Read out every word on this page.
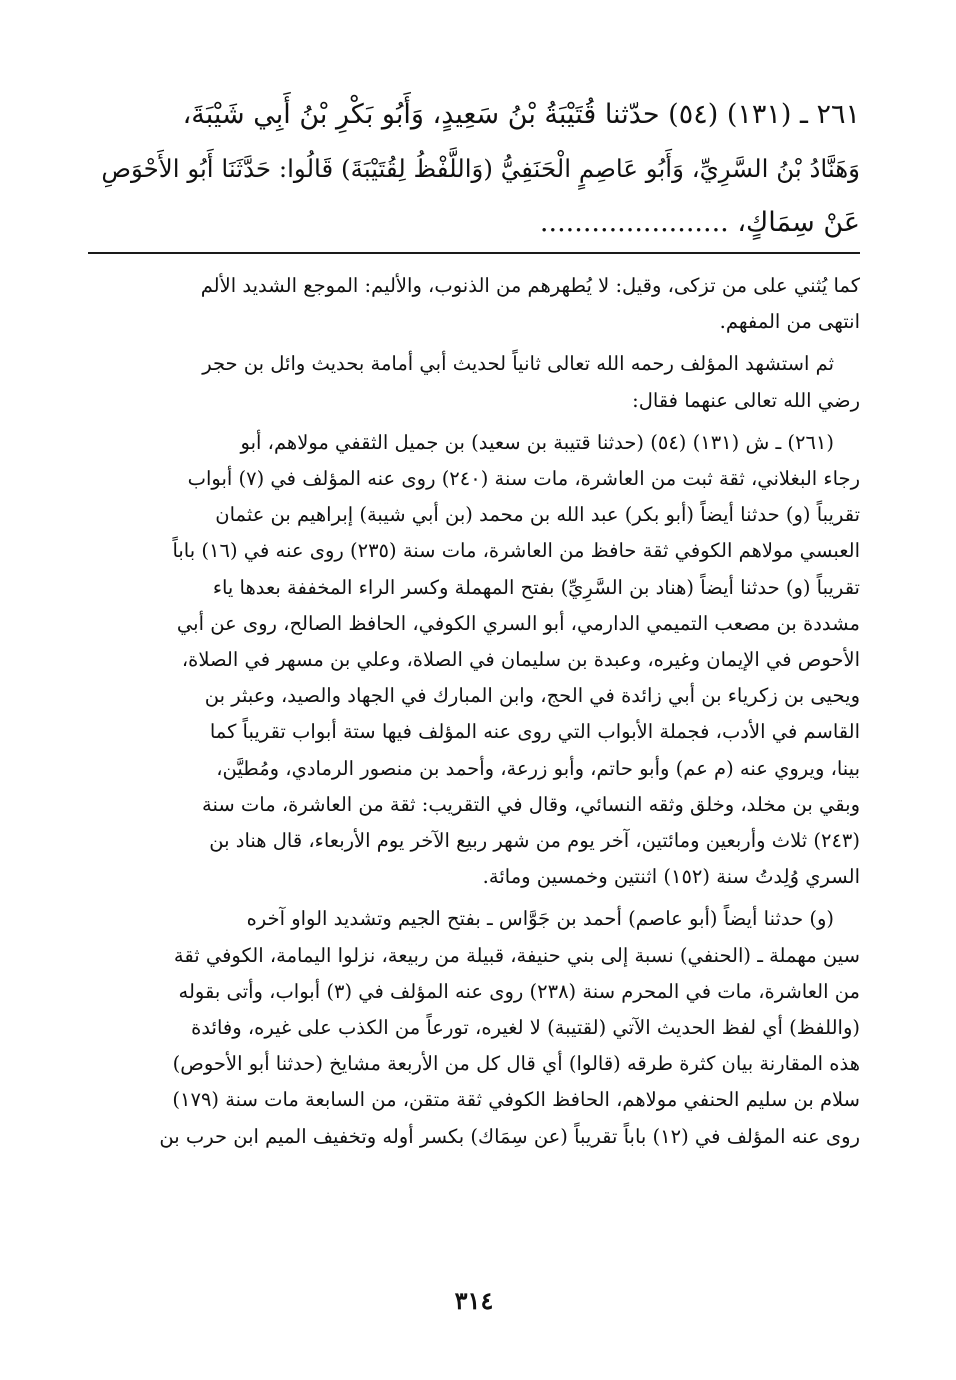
٢٦١ ـ (١٣١) (٥٤) حدّثنا قُتَيْبَةُ بْنُ سَعِيدٍ، وَأَبُو بَكْرِ بْنُ أَبِي شَيْبَةَ،
وَهَنَّادُ بْنُ السَّرِيِّ، وَأَبُو عَاصِمٍ الْحَنَفِيُّ (وَاللَّفْظُ لِقُتَيْبَةَ) قَالُوا: حَدَّثَنَا أَبُو الأَحْوَصِ
عَنْ سِمَاكٍ، ......................
كما يُثني على من تزكى، وقيل: لا يُطهرهم من الذنوب، والأليم: الموجع الشديد الألم
انتهى من المفهم.
ثم استشهد المؤلف رحمه الله تعالى ثانياً لحديث أبي أمامة بحديث وائل بن حجر
رضي الله تعالى عنهما فقال:
(٢٦١) ـ ش (١٣١) (٥٤) (حدثنا قتيبة بن سعيد) بن جميل الثقفي مولاهم، أبو
رجاء البغلاني، ثقة ثبت من العاشرة، مات سنة (٢٤٠) روى عنه المؤلف في (٧) أبواب
تقريباً (و) حدثنا أيضاً (أبو بكر) عبد الله بن محمد (بن أبي شيبة) إبراهيم بن عثمان
العبسي مولاهم الكوفي ثقة حافظ من العاشرة، مات سنة (٢٣٥) روى عنه في (١٦) باباً
تقريباً (و) حدثنا أيضاً (هناد بن السَّرِيِّ) بفتح المهملة وكسر الراء المخففة بعدها ياء
مشددة بن مصعب التميمي الدارمي، أبو السري الكوفي، الحافظ الصالح، روى عن أبي
الأحوص في الإيمان وغيره، وعبدة بن سليمان في الصلاة، وعلي بن مسهر في الصلاة،
ويحيى بن زكرياء بن أبي زائدة في الحج، وابن المبارك في الجهاد والصيد، وعبثر بن
القاسم في الأدب، فجملة الأبواب التي روى عنه المؤلف فيها ستة أبواب تقريباً كما
بينا، ويروي عنه (م عم) وأبو حاتم، وأبو زرعة، وأحمد بن منصور الرمادي، ومُطيَّن،
وبقي بن مخلد، وخلق وثقه النسائي، وقال في التقريب: ثقة من العاشرة، مات سنة
(٢٤٣) ثلاث وأربعين ومائتين، آخر يوم من شهر ربيع الآخر يوم الأربعاء، قال هناد بن
السري وُلِدتُ سنة (١٥٢) اثنتين وخمسين ومائة.
(و) حدثنا أيضاً (أبو عاصم) أحمد بن جَوَّاس ـ بفتح الجيم وتشديد الواو آخره
سين مهملة ـ (الحنفي) نسبة إلى بني حنيفة، قبيلة من ربيعة، نزلوا اليمامة، الكوفي ثقة
من العاشرة، مات في المحرم سنة (٢٣٨) روى عنه المؤلف في (٣) أبواب، وأتى بقوله
(واللفظ) أي لفظ الحديث الآتي (لقتيبة) لا لغيره، تورعاً من الكذب على غيره، وفائدة
هذه المقارنة بيان كثرة طرقه (قالوا) أي قال كل من الأربعة مشايخ (حدثنا أبو الأحوص)
سلام بن سليم الحنفي مولاهم، الحافظ الكوفي ثقة متقن، من السابعة مات سنة (١٧٩)
روى عنه المؤلف في (١٢) باباً تقريباً (عن سِمَاك) بكسر أوله وتخفيف الميم ابن حرب بن
٣١٤
